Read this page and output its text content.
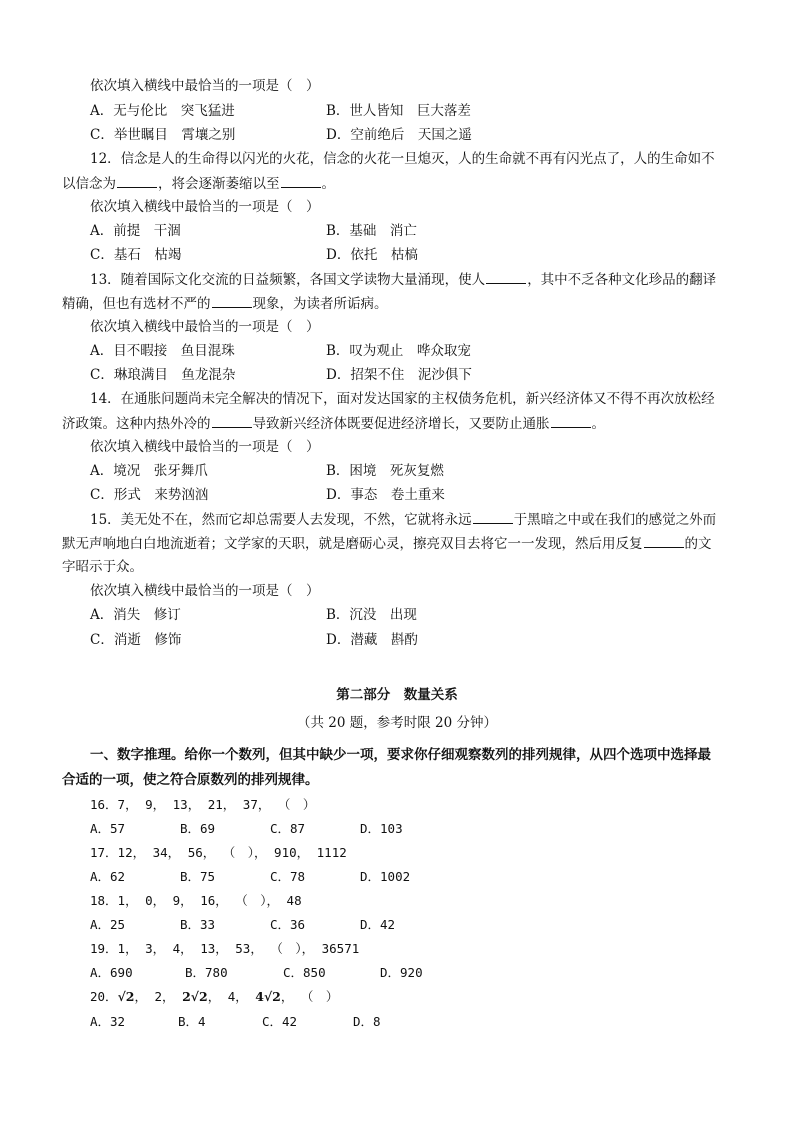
依次填入横线中最恰当的一项是（　）
A．无与伦比　突飞猛进	B．世人皆知　巨大落差
C．举世瞩目　霄壤之别	D．空前绝后　天国之遥
12．信念是人的生命得以闪光的火花，信念的火花一旦熄灭，人的生命就不再有闪光点了，人的生命如不
以信念为	，将会逐渐萎缩以至	。
依次填入横线中最恰当的一项是（　）
A．前提　干涸	B．基础　消亡
C．基石　枯竭	D．依托　枯槁
13．随着国际文化交流的日益频繁，各国文学读物大量涌现，使人	，其中不乏各种文化珍品的翻译
精确，但也有选材不严的	现象，为读者所诟病。
依次填入横线中最恰当的一项是（　）
A．目不暇接　鱼目混珠	B．叹为观止　哗众取宠
C．琳琅满目　鱼龙混杂	D．招架不住　泥沙俱下
14．在通胀问题尚未完全解决的情况下，面对发达国家的主权债务危机，新兴经济体又不得不再次放松经
济政策。这种内热外冷的	导致新兴经济体既要促进经济增长，又要防止通胀	。
依次填入横线中最恰当的一项是（　）
A．境况　张牙舞爪	B．困境　死灰复燃
C．形式　来势汹汹	D．事态　卷土重来
15．美无处不在，然而它却总需要人去发现，不然，它就将永远	于黑暗之中或在我们的感觉之外而
默无声响地白白地流逝着；文学家的天职，就是磨砺心灵，擦亮双目去将它一一发现，然后用反复	的文
字昭示于众。
依次填入横线中最恰当的一项是（　）
A．消失　修订	B．沉没　出现
C．消逝　修饰	D．潜藏　斟酌
第二部分　数量关系
（共 20 题，参考时限 20 分钟）
一、数字推理。给你一个数列，但其中缺少一项，要求你仔细观察数列的排列规律，从四个选项中选择最
合适的一项，使之符合原数列的排列规律。
16．7， 9， 13， 21， 37， （　）
A．57	B．69	C．87	D．103
17．12， 34， 56， （　）， 910， 1112
A．62	B．75	C．78	D．1002
18．1， 0， 9， 16， （　）， 48
A．25	B．33	C．36	D．42
19．1， 3， 4， 13， 53， （　）， 36571
A．690	B．780	C．850	D．920
20．√2， 2， 2√2， 4， 4√2， （　）
A．32	B．4	C．42	D．8
